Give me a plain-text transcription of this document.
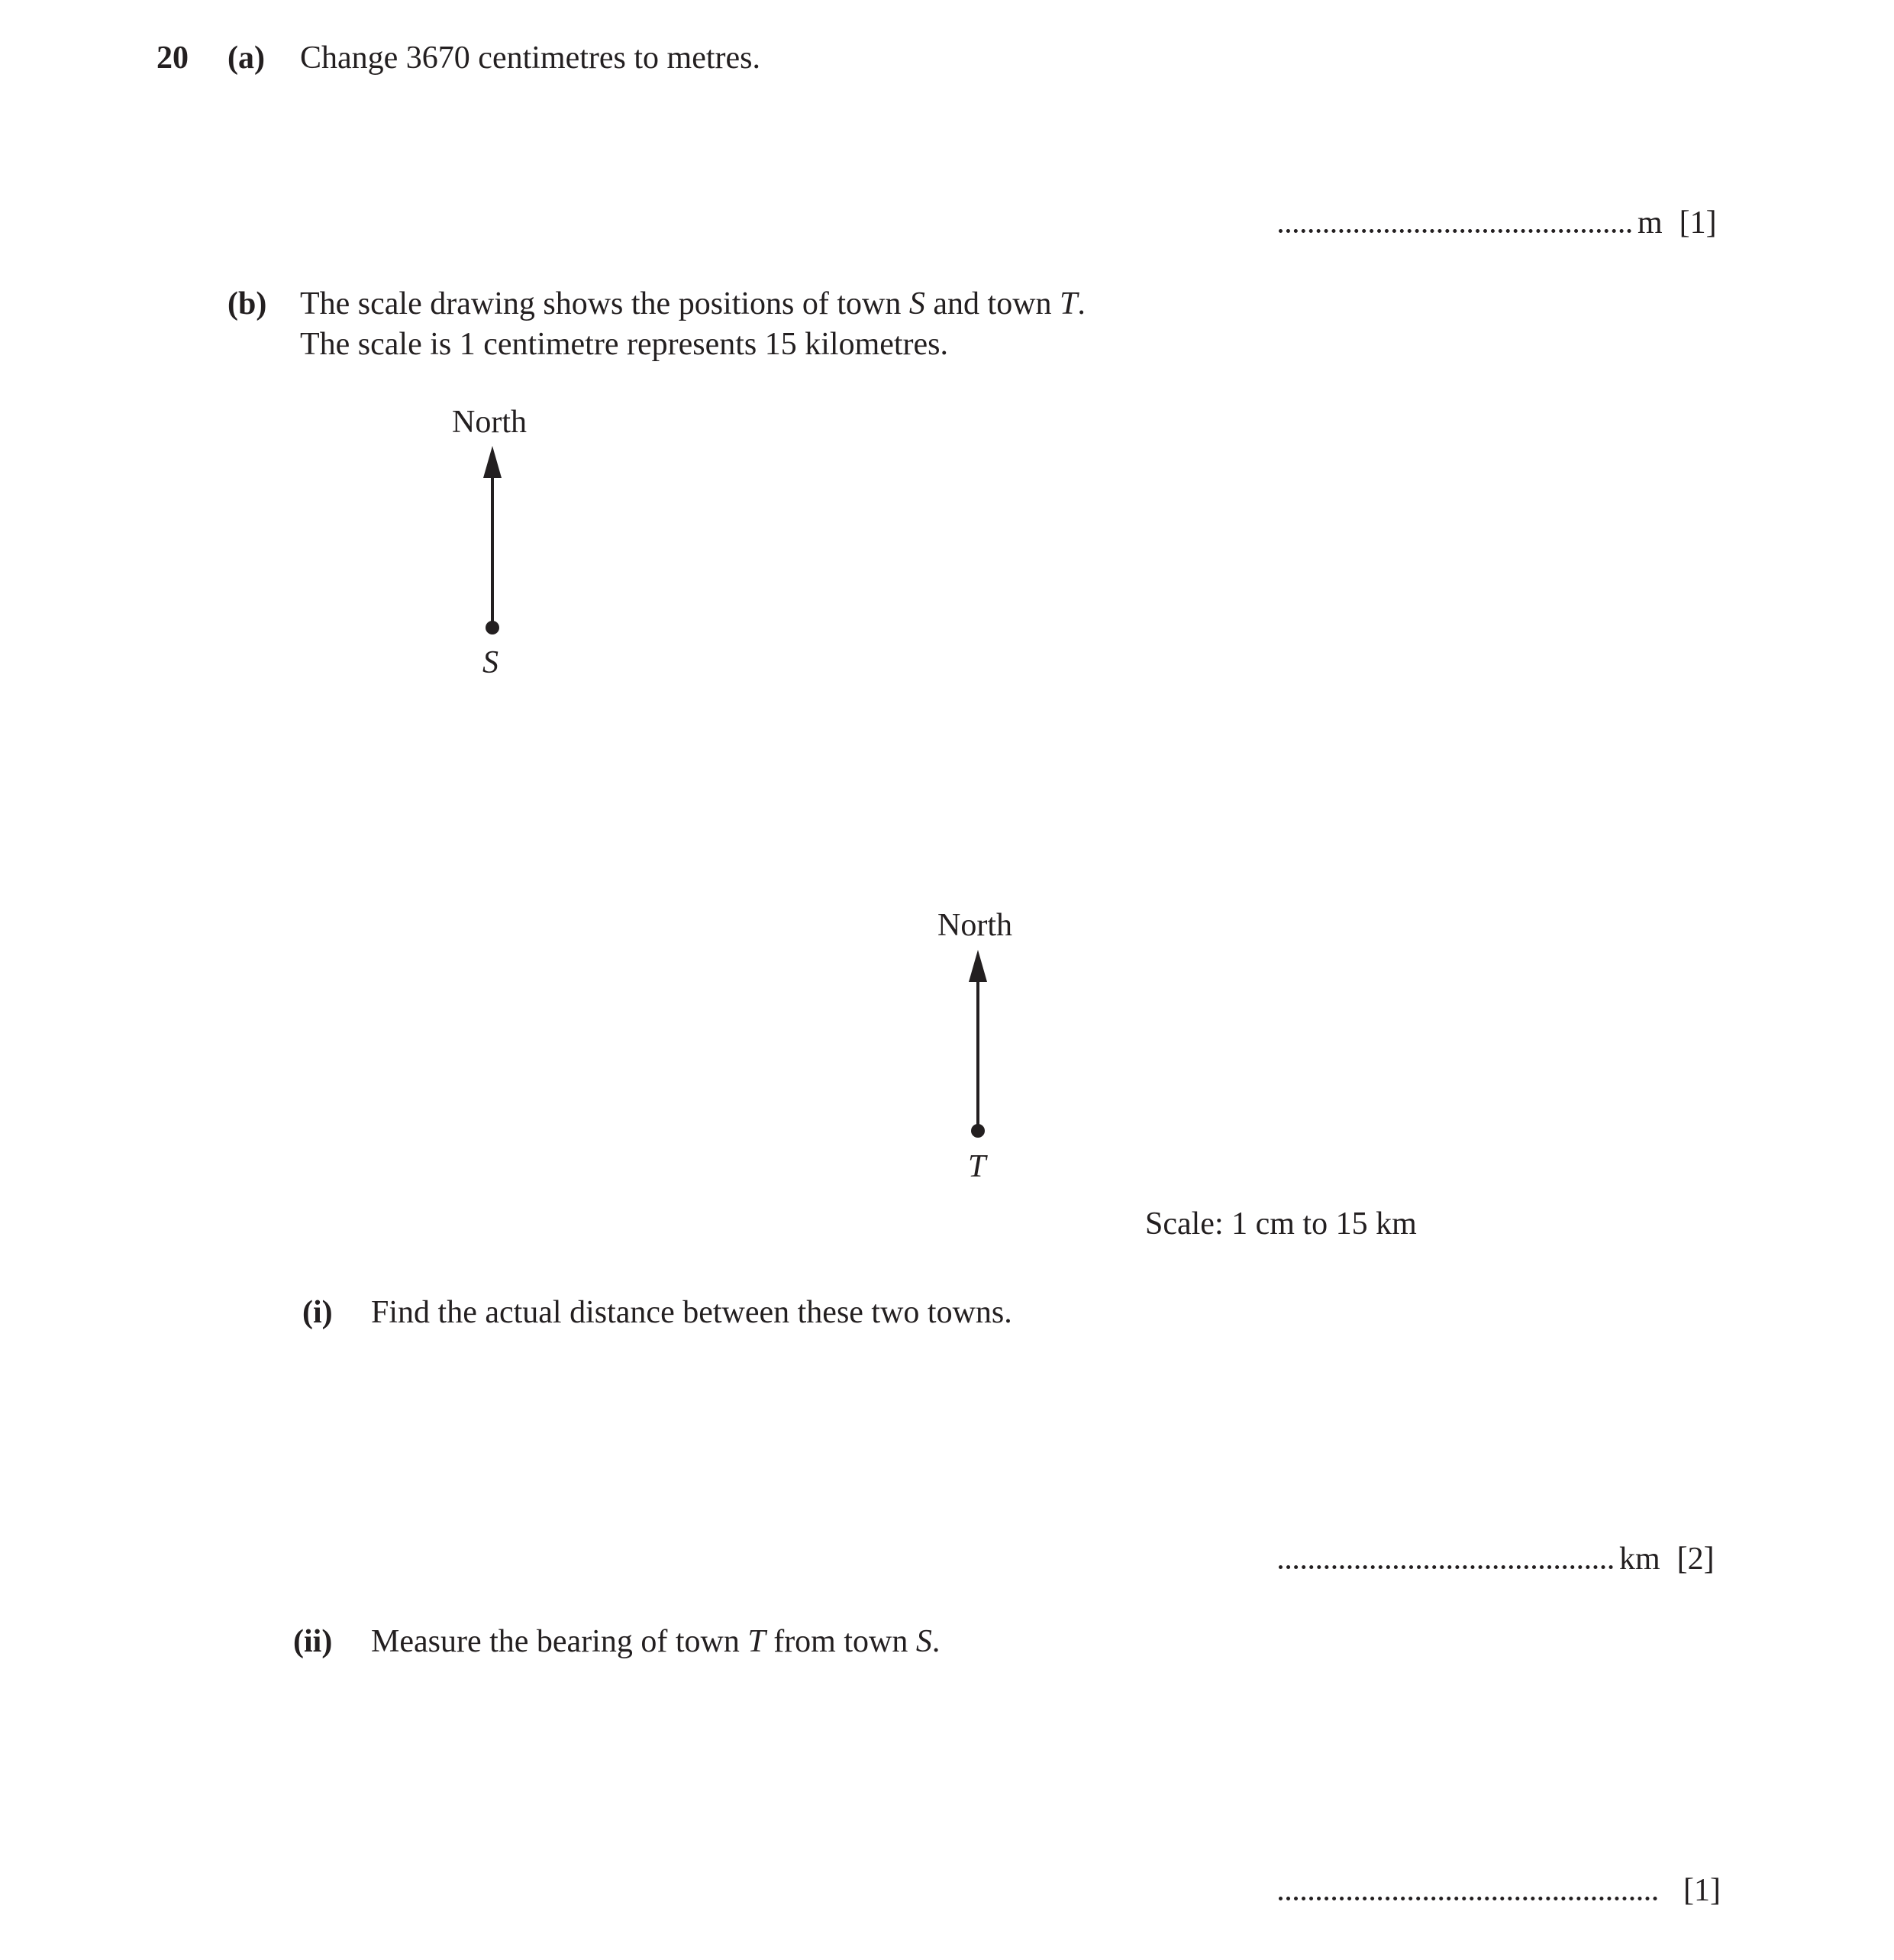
20 (a) Change 3670 centimetres to metres.
m [1]
(b) The scale drawing shows the positions of town S and town T.
The scale is 1 centimetre represents 15 kilometres.
North
S
North
T
Scale: 1 cm to 15 km
(i) Find the actual distance between these two towns.
km [2]
(ii) Measure the bearing of town T from town S.
[1]
